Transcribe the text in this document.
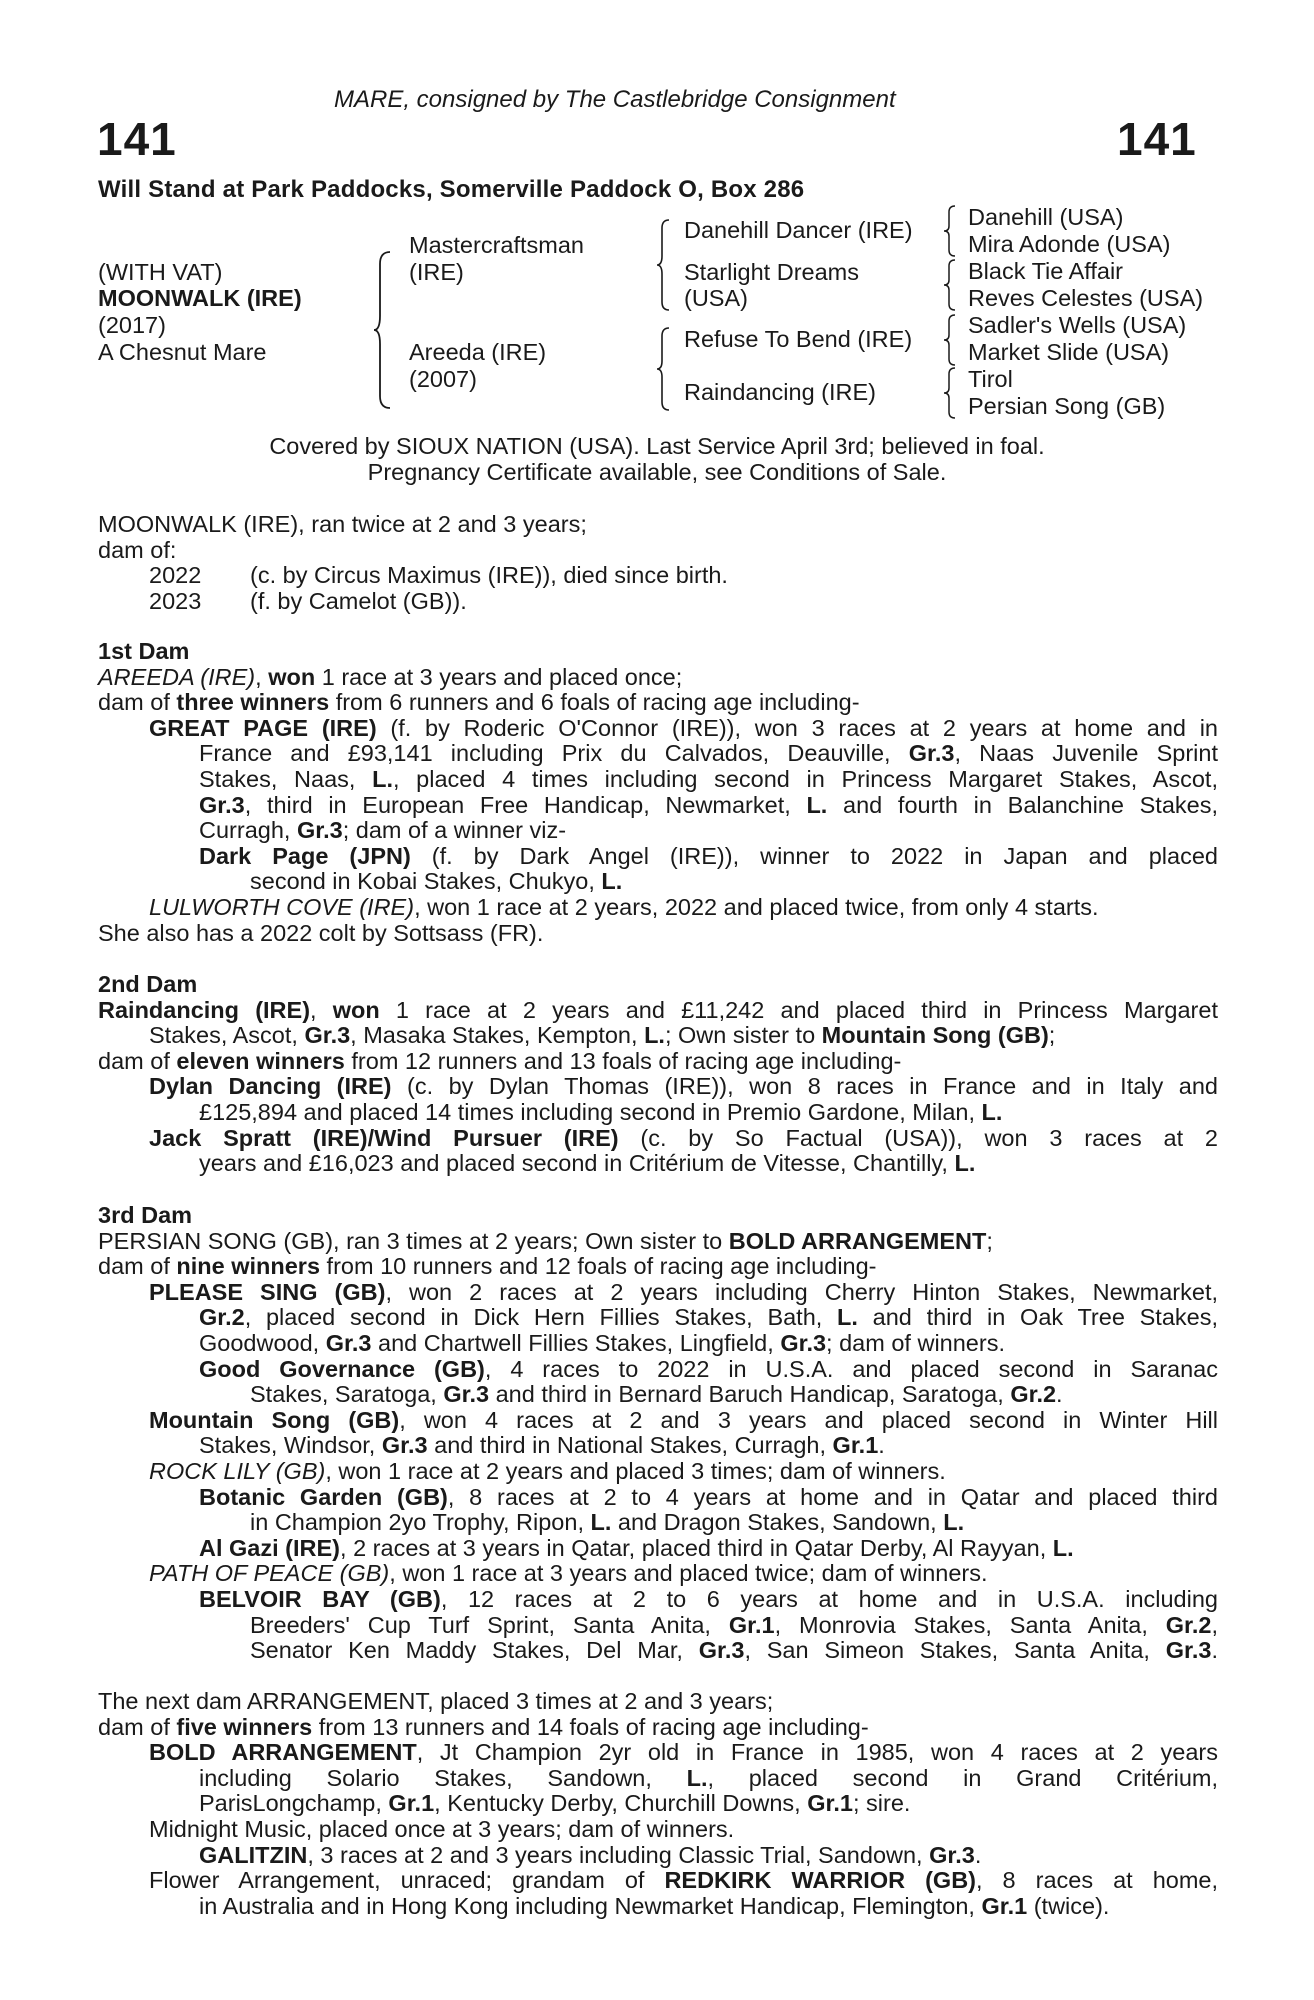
MARE, consigned by The Castlebridge Consignment
141	141
Will Stand at Park Paddocks, Somerville Paddock O, Box 286
(WITH VAT)
MOONWALK (IRE)
(2017)
A Chesnut Mare
Mastercraftsman
(IRE)
Areeda (IRE)
(2007)
Danehill Dancer (IRE)
Starlight Dreams
(USA)
Refuse To Bend (IRE)
Raindancing (IRE)
Danehill (USA)
Mira Adonde (USA)
Black Tie Affair
Reves Celestes (USA)
Sadler's Wells (USA)
Market Slide (USA)
Tirol
Persian Song (GB)
Covered by SIOUX NATION (USA). Last Service April 3rd; believed in foal.
Pregnancy Certificate available, see Conditions of Sale.
MOONWALK (IRE), ran twice at 2 and 3 years;
dam of:
2022 (c. by Circus Maximus (IRE)), died since birth.
2023 (f. by Camelot (GB)).
1st Dam
AREEDA (IRE), won 1 race at 3 years and placed once;
dam of three winners from 6 runners and 6 foals of racing age including-
GREAT PAGE (IRE) (f. by Roderic O'Connor (IRE)), won 3 races at 2 years at home and in
France and £93,141 including Prix du Calvados, Deauville, Gr.3, Naas Juvenile Sprint
Stakes, Naas, L., placed 4 times including second in Princess Margaret Stakes, Ascot,
Gr.3, third in European Free Handicap, Newmarket, L. and fourth in Balanchine Stakes,
Curragh, Gr.3; dam of a winner viz-
Dark Page (JPN) (f. by Dark Angel (IRE)), winner to 2022 in Japan and placed
second in Kobai Stakes, Chukyo, L.
LULWORTH COVE (IRE), won 1 race at 2 years, 2022 and placed twice, from only 4 starts.
She also has a 2022 colt by Sottsass (FR).
2nd Dam
Raindancing (IRE), won 1 race at 2 years and £11,242 and placed third in Princess Margaret
Stakes, Ascot, Gr.3, Masaka Stakes, Kempton, L.; Own sister to Mountain Song (GB);
dam of eleven winners from 12 runners and 13 foals of racing age including-
Dylan Dancing (IRE) (c. by Dylan Thomas (IRE)), won 8 races in France and in Italy and
£125,894 and placed 14 times including second in Premio Gardone, Milan, L.
Jack Spratt (IRE)/Wind Pursuer (IRE) (c. by So Factual (USA)), won 3 races at 2
years and £16,023 and placed second in Critérium de Vitesse, Chantilly, L.
3rd Dam
PERSIAN SONG (GB), ran 3 times at 2 years; Own sister to BOLD ARRANGEMENT;
dam of nine winners from 10 runners and 12 foals of racing age including-
PLEASE SING (GB), won 2 races at 2 years including Cherry Hinton Stakes, Newmarket,
Gr.2, placed second in Dick Hern Fillies Stakes, Bath, L. and third in Oak Tree Stakes,
Goodwood, Gr.3 and Chartwell Fillies Stakes, Lingfield, Gr.3; dam of winners.
Good Governance (GB), 4 races to 2022 in U.S.A. and placed second in Saranac
Stakes, Saratoga, Gr.3 and third in Bernard Baruch Handicap, Saratoga, Gr.2.
Mountain Song (GB), won 4 races at 2 and 3 years and placed second in Winter Hill
Stakes, Windsor, Gr.3 and third in National Stakes, Curragh, Gr.1.
ROCK LILY (GB), won 1 race at 2 years and placed 3 times; dam of winners.
Botanic Garden (GB), 8 races at 2 to 4 years at home and in Qatar and placed third
in Champion 2yo Trophy, Ripon, L. and Dragon Stakes, Sandown, L.
Al Gazi (IRE), 2 races at 3 years in Qatar, placed third in Qatar Derby, Al Rayyan, L.
PATH OF PEACE (GB), won 1 race at 3 years and placed twice; dam of winners.
BELVOIR BAY (GB), 12 races at 2 to 6 years at home and in U.S.A. including
Breeders' Cup Turf Sprint, Santa Anita, Gr.1, Monrovia Stakes, Santa Anita, Gr.2,
Senator Ken Maddy Stakes, Del Mar, Gr.3, San Simeon Stakes, Santa Anita, Gr.3.
The next dam ARRANGEMENT, placed 3 times at 2 and 3 years;
dam of five winners from 13 runners and 14 foals of racing age including-
BOLD ARRANGEMENT, Jt Champion 2yr old in France in 1985, won 4 races at 2 years
including Solario Stakes, Sandown, L., placed second in Grand Critérium,
ParisLongchamp, Gr.1, Kentucky Derby, Churchill Downs, Gr.1; sire.
Midnight Music, placed once at 3 years; dam of winners.
GALITZIN, 3 races at 2 and 3 years including Classic Trial, Sandown, Gr.3.
Flower Arrangement, unraced; grandam of REDKIRK WARRIOR (GB), 8 races at home,
in Australia and in Hong Kong including Newmarket Handicap, Flemington, Gr.1 (twice).
